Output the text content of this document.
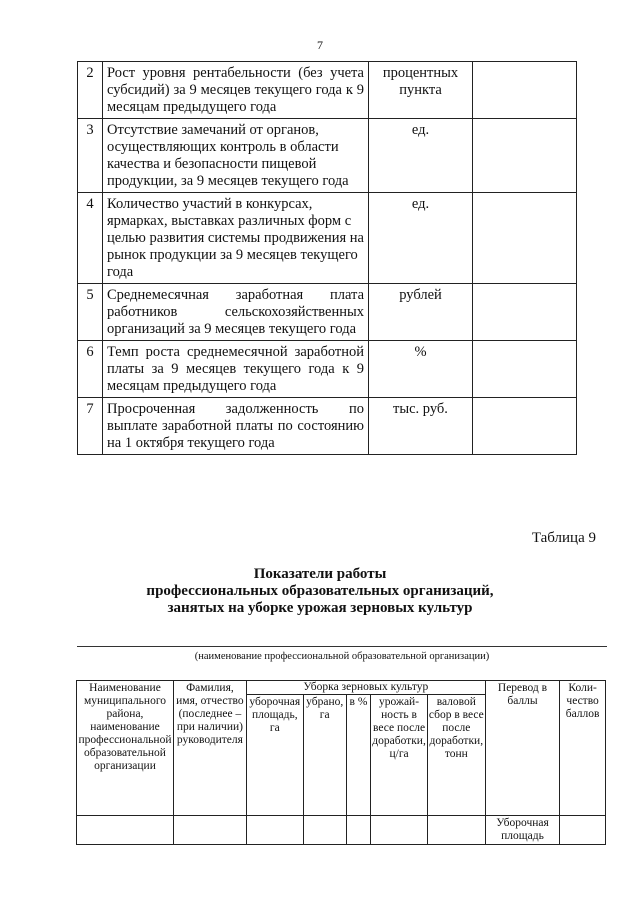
7
2	Рост уровня рентабельности (без учета субсидий) за 9 месяцев текущего года к 9 месяцам предыдущего года	процентных пункта	
3	Отсутствие замечаний от органов, осуществляющих контроль в области качества и безопасности пищевой продукции, за 9 месяцев текущего года	ед.	
4	Количество участий в конкурсах, ярмарках, выставках различных форм с целью развития системы продвижения на рынок продукции за 9 месяцев текущего года	ед.	
5	Среднемесячная заработная плата работников сельскохозяйственных организаций за 9 месяцев текущего года	рублей	
6	Темп роста среднемесячной заработной платы за 9 месяцев текущего года к 9 месяцам предыдущего года	%	
7	Просроченная задолженность по выплате заработной платы по состоянию на 1 октября текущего года	тыс. руб.	
Таблица 9
Показатели работы
профессиональных образовательных организаций,
занятых на уборке урожая зерновых культур
(наименование профессиональной образовательной организации)
Наименование муниципального района, наименование профессиональной образовательной организации	Фамилия, имя, отчество (последнее – при наличии) руководителя	Уборка зерновых культур					Перевод в баллы	Коли-чество баллов
		уборочная площадь, га	убрано, га	в %	урожай-ность в весе после доработки, ц/га	валовой сбор в весе после доработки, тонн		
							Уборочная площадь	
